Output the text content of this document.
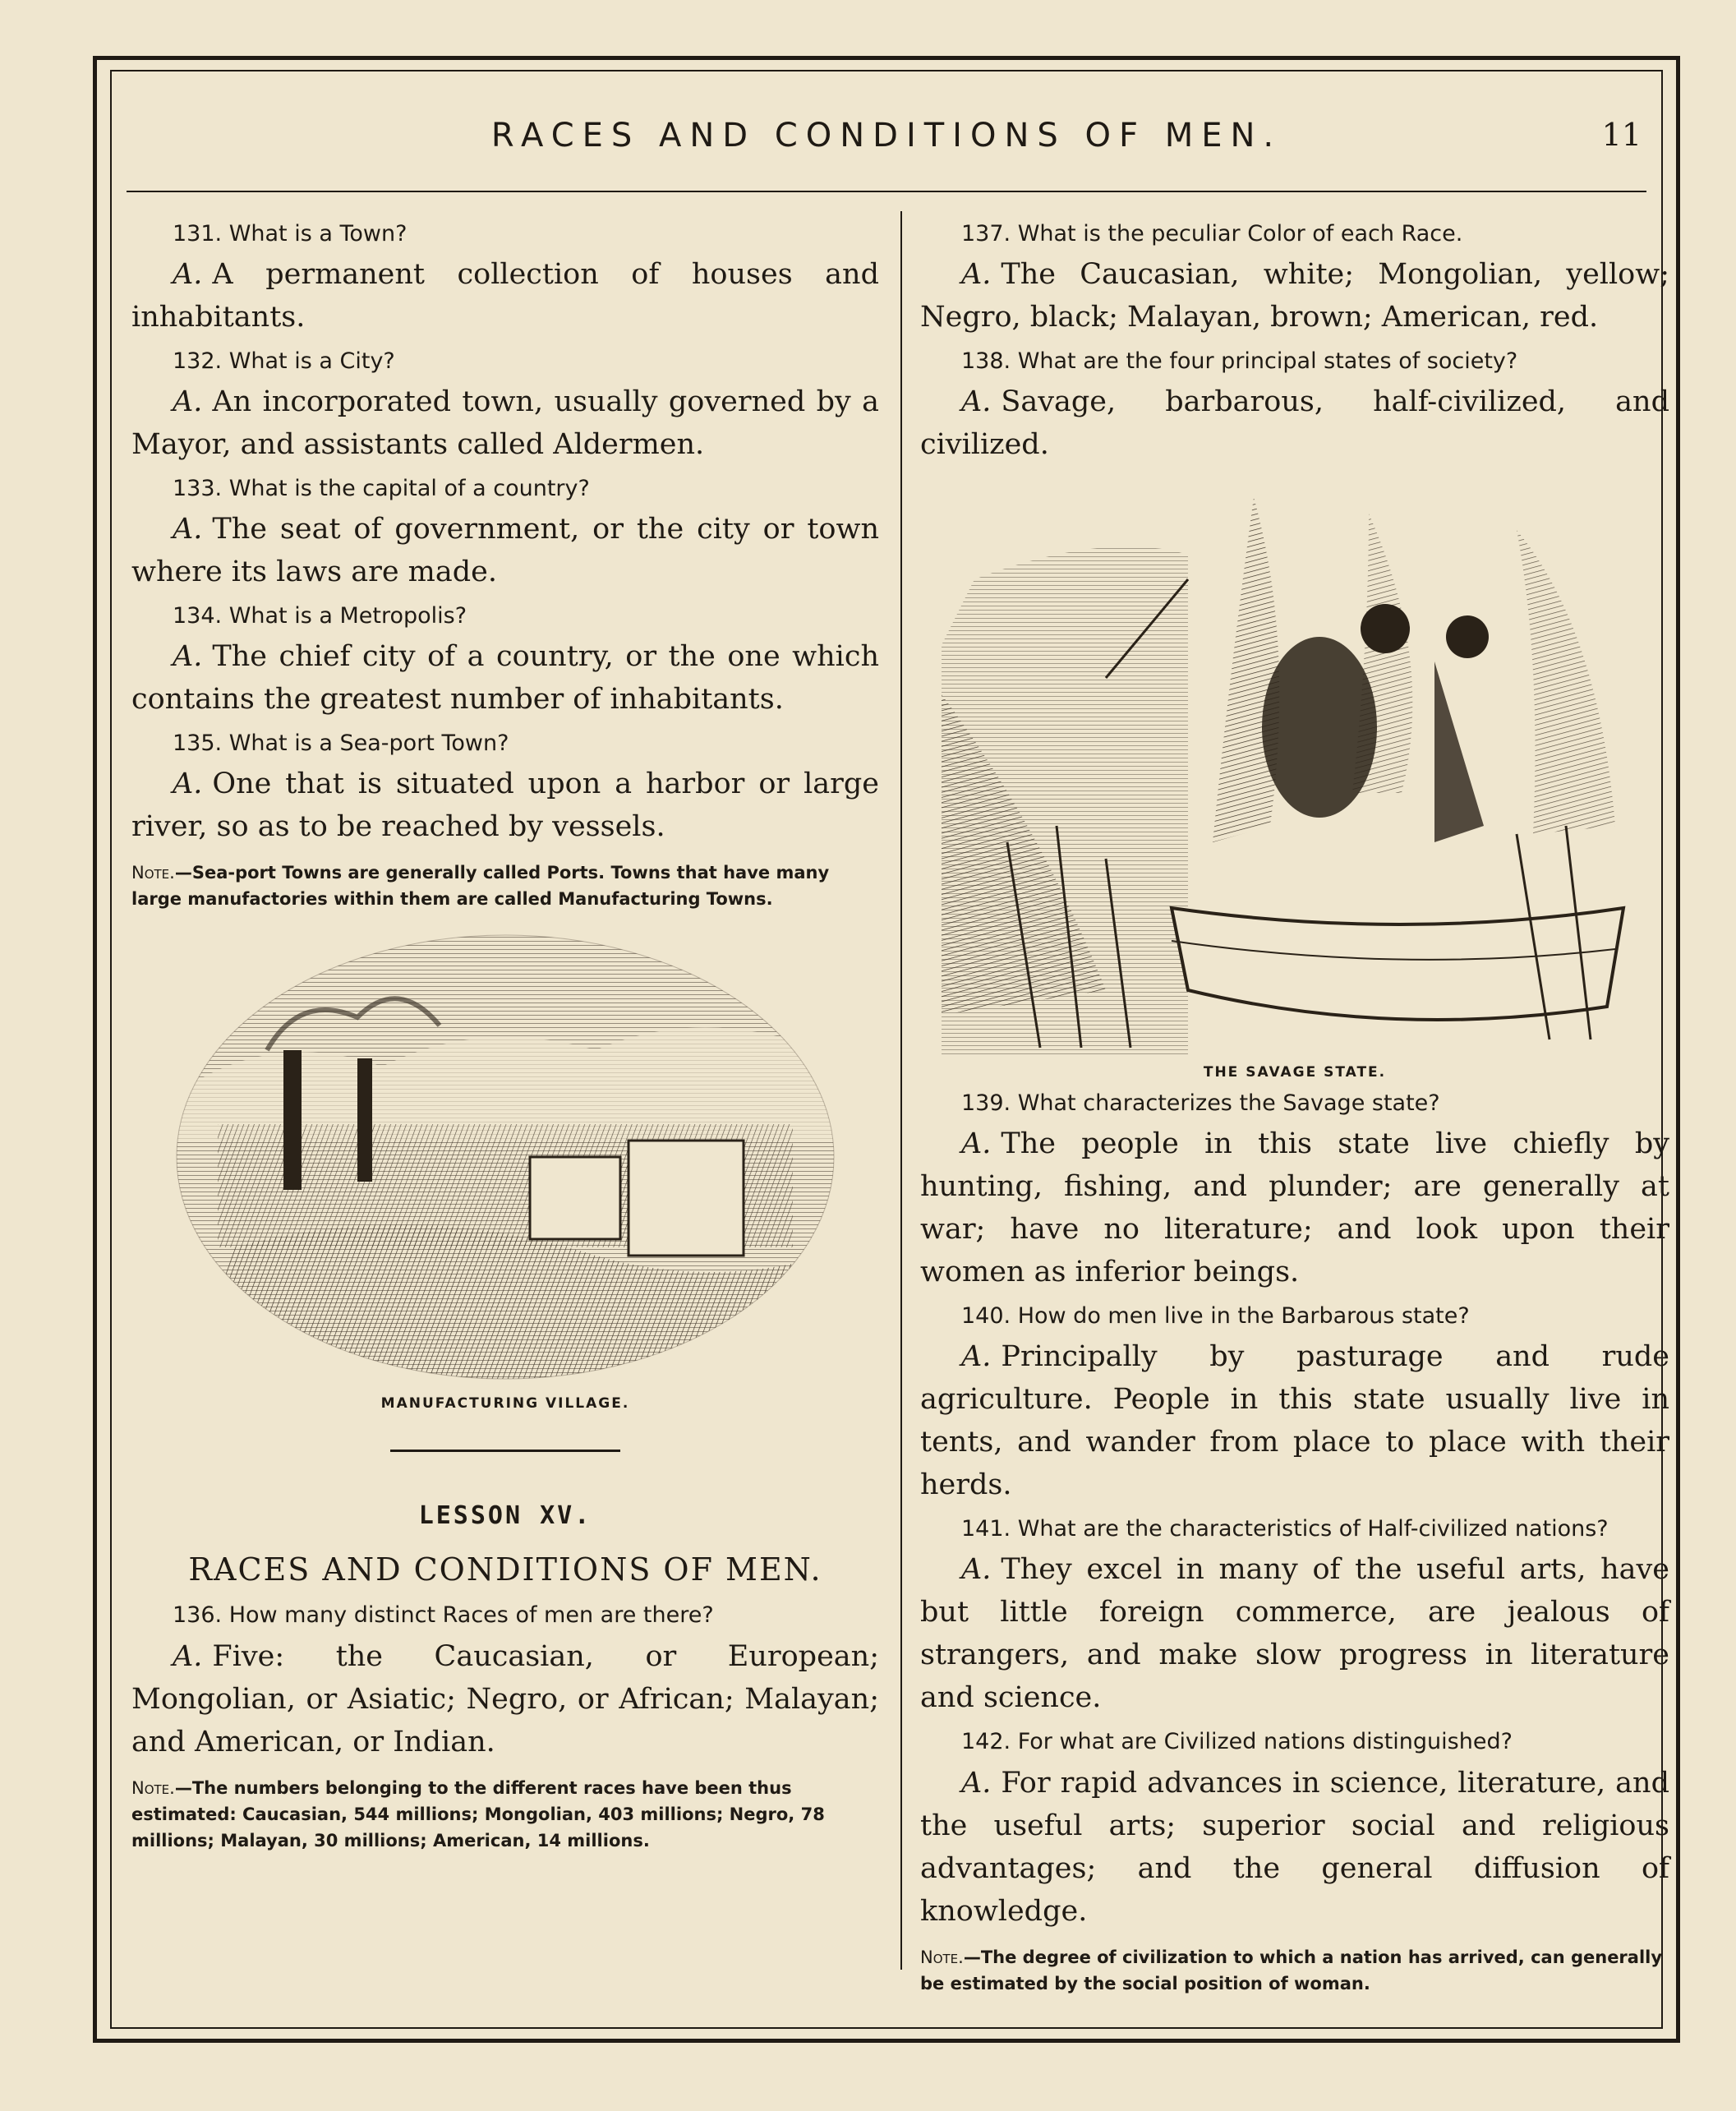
RACES AND CONDITIONS OF MEN.	11
131. What is a Town?
A. A permanent collection of houses and inhabitants.
132. What is a City?
A. An incorporated town, usually governed by a Mayor, and assistants called Aldermen.
133. What is the capital of a country?
A. The seat of government, or the city or town where its laws are made.
134. What is a Metropolis?
A. The chief city of a country, or the one which contains the greatest number of inhabitants.
135. What is a Sea-port Town?
A. One that is situated upon a harbor or large river, so as to be reached by vessels.
Note.—Sea-port Towns are generally called Ports. Towns that have many large manufactories within them are called Manufacturing Towns.
MANUFACTURING VILLAGE.
LESSON XV.
RACES AND CONDITIONS OF MEN.
136. How many distinct Races of men are there?
A. Five: the Caucasian, or European; Mongolian, or Asiatic; Negro, or African; Malayan; and American, or Indian.
Note.—The numbers belonging to the different races have been thus estimated: Caucasian, 544 millions; Mongolian, 403 millions; Negro, 78 millions; Malayan, 30 millions; American, 14 millions.
137. What is the peculiar Color of each Race.
A. The Caucasian, white; Mongolian, yellow; Negro, black; Malayan, brown; American, red.
138. What are the four principal states of society?
A. Savage, barbarous, half-civilized, and civilized.
THE SAVAGE STATE.
139. What characterizes the Savage state?
A. The people in this state live chiefly by hunting, fishing, and plunder; are generally at war; have no literature; and look upon their women as inferior beings.
140. How do men live in the Barbarous state?
A. Principally by pasturage and rude agriculture. People in this state usually live in tents, and wander from place to place with their herds.
141. What are the characteristics of Half-civilized nations?
A. They excel in many of the useful arts, have but little foreign commerce, are jealous of strangers, and make slow progress in literature and science.
142. For what are Civilized nations distinguished?
A. For rapid advances in science, literature, and the useful arts; superior social and religious advantages; and the general diffusion of knowledge.
Note.—The degree of civilization to which a nation has arrived, can generally be estimated by the social position of woman.
